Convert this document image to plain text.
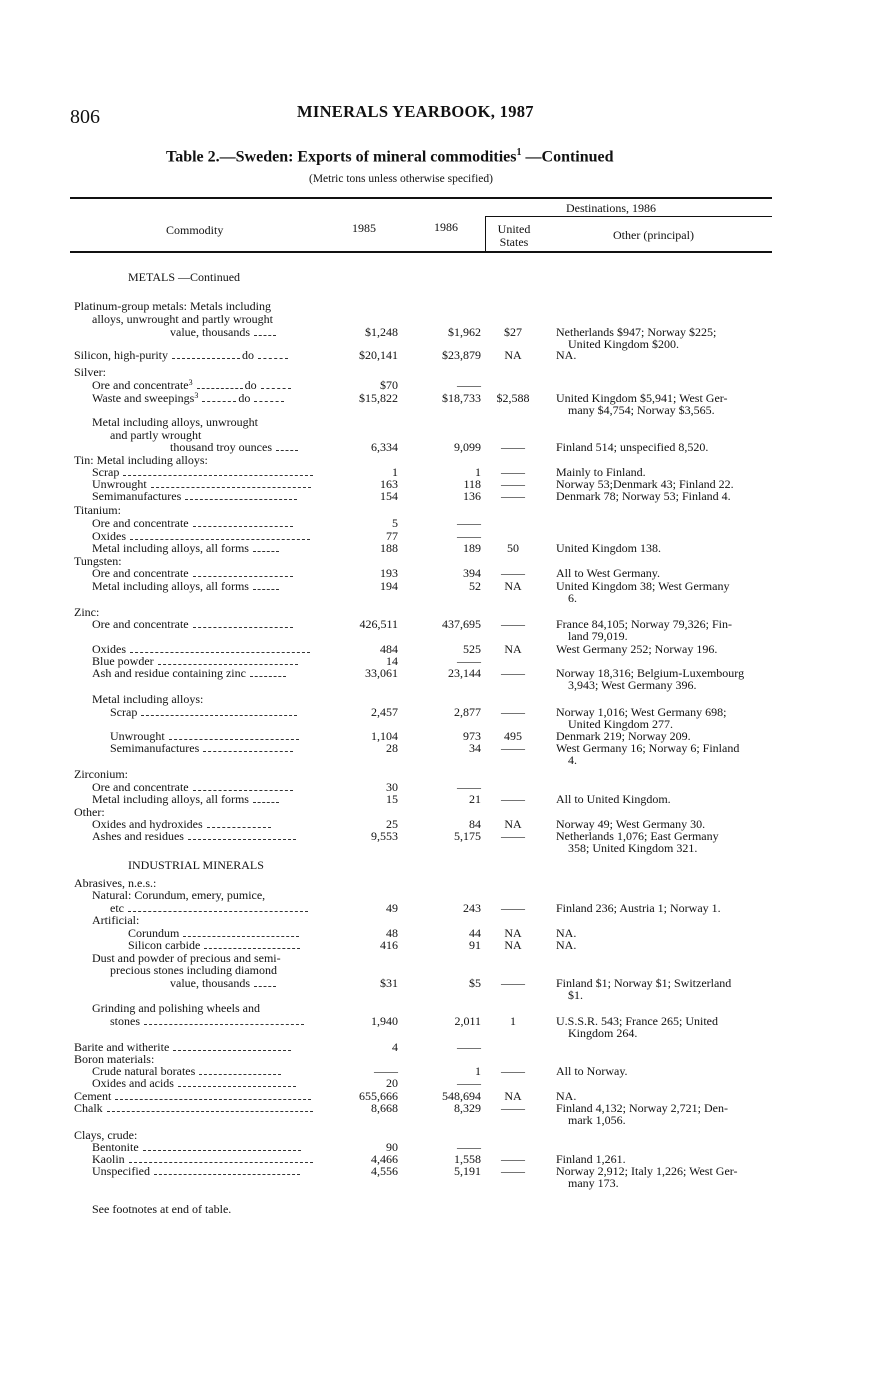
806	MINERALS YEARBOOK, 1987
Table 2.—Sweden: Exports of mineral commodities$^1$ —Continued
(Metric tons unless otherwise specified)
Commodity	1985	1986
Destinations, 1986
United
States	Other (principal)
METALS —Continued
Platinum-group metals: Metals including
alloys, unwrought and partly wrought
value, thousands	$1,248	$1,962	$27	Netherlands $947; Norway $225;
United Kingdom $200.
Silicon, high-purity	do	$20,141	$23,879	NA	NA.
Silver:
Ore and concentrate$^3$	do	$70	——
Waste and sweepings$^3$	do	$15,822	$18,733	$2,588	United Kingdom $5,941; West Ger-
many $4,754; Norway $3,565.
Metal including alloys, unwrought
and partly wrought
thousand troy ounces	6,334	9,099	——	Finland 514; unspecified 8,520.
Tin: Metal including alloys:
Scrap	1	1	——	Mainly to Finland.
Unwrought	163	118	——	Norway 53;Denmark 43; Finland 22.
Semimanufactures	154	136	——	Denmark 78; Norway 53; Finland 4.
Titanium:
Ore and concentrate	5	——
Oxides	77	——
Metal including alloys, all forms	188	189	50	United Kingdom 138.
Tungsten:
Ore and concentrate	193	394	——	All to West Germany.
Metal including alloys, all forms	194	52	NA	United Kingdom 38; West Germany
6.
Zinc:
Ore and concentrate	426,511	437,695	——	France 84,105; Norway 79,326; Fin-
land 79,019.
Oxides	484	525	NA	West Germany 252; Norway 196.
Blue powder	14	——
Ash and residue containing zinc	33,061	23,144	——	Norway 18,316; Belgium-Luxembourg
3,943; West Germany 396.
Metal including alloys:
Scrap	2,457	2,877	——	Norway 1,016; West Germany 698;
United Kingdom 277.
Unwrought	1,104	973	495	Denmark 219; Norway 209.
Semimanufactures	28	34	——	West Germany 16; Norway 6; Finland
4.
Zirconium:
Ore and concentrate	30	——
Metal including alloys, all forms	15	21	——	All to United Kingdom.
Other:
Oxides and hydroxides	25	84	NA	Norway 49; West Germany 30.
Ashes and residues	9,553	5,175	——	Netherlands 1,076; East Germany
358; United Kingdom 321.
INDUSTRIAL MINERALS
Abrasives, n.e.s.:
Natural: Corundum, emery, pumice,
etc	49	243	——	Finland 236; Austria 1; Norway 1.
Artificial:
Corundum	48	44	NA	NA.
Silicon carbide	416	91	NA	NA.
Dust and powder of precious and semi-
precious stones including diamond
value, thousands	$31	$5	——	Finland $1; Norway $1; Switzerland
$1.
Grinding and polishing wheels and
stones	1,940	2,011	1	U.S.S.R. 543; France 265; United
Kingdom 264.
Barite and witherite	4	——
Boron materials:
Crude natural borates	——	1	——	All to Norway.
Oxides and acids	20	——
Cement	655,666	548,694	NA	NA.
Chalk	8,668	8,329	——	Finland 4,132; Norway 2,721; Den-
mark 1,056.
Clays, crude:
Bentonite	90	——
Kaolin	4,466	1,558	——	Finland 1,261.
Unspecified	4,556	5,191	——	Norway 2,912; Italy 1,226; West Ger-
many 173.
See footnotes at end of table.
